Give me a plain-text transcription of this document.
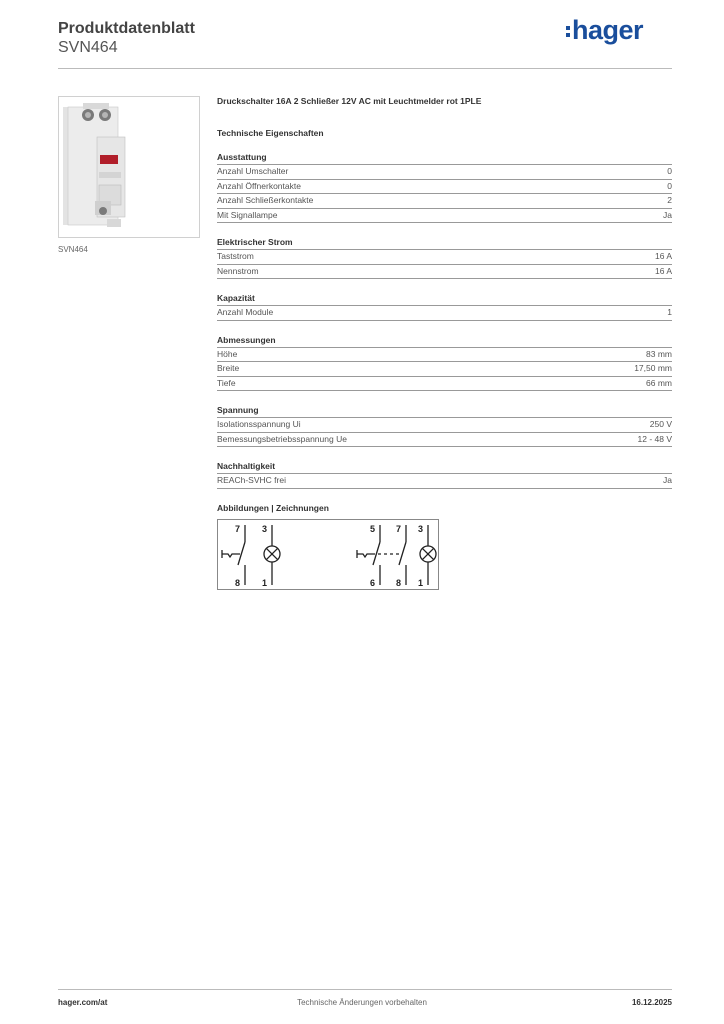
Produktdatenblatt
SVN464
hager
SVN464
Druckschalter 16A 2 Schließer 12V AC mit Leuchtmelder rot 1PLE
Technische Eigenschaften
Ausstattung
Anzahl Umschalter	0
Anzahl Öffnerkontakte	0
Anzahl Schließerkontakte	2
Mit Signallampe	Ja
Elektrischer Strom
Taststrom	16 A
Nennstrom	16 A
Kapazität
Anzahl Module	1
Abmessungen
Höhe	83 mm
Breite	17,50 mm
Tiefe	66 mm
Spannung
Isolationsspannung Ui	250 V
Bemessungsbetriebsspannung Ue	12 - 48 V
Nachhaltigkeit
REACh-SVHC frei	Ja
Abbildungen | Zeichnungen
7 3
8 1
5 7 3
6 8 1
hager.com/at	Technische Änderungen vorbehalten	16.12.2025
